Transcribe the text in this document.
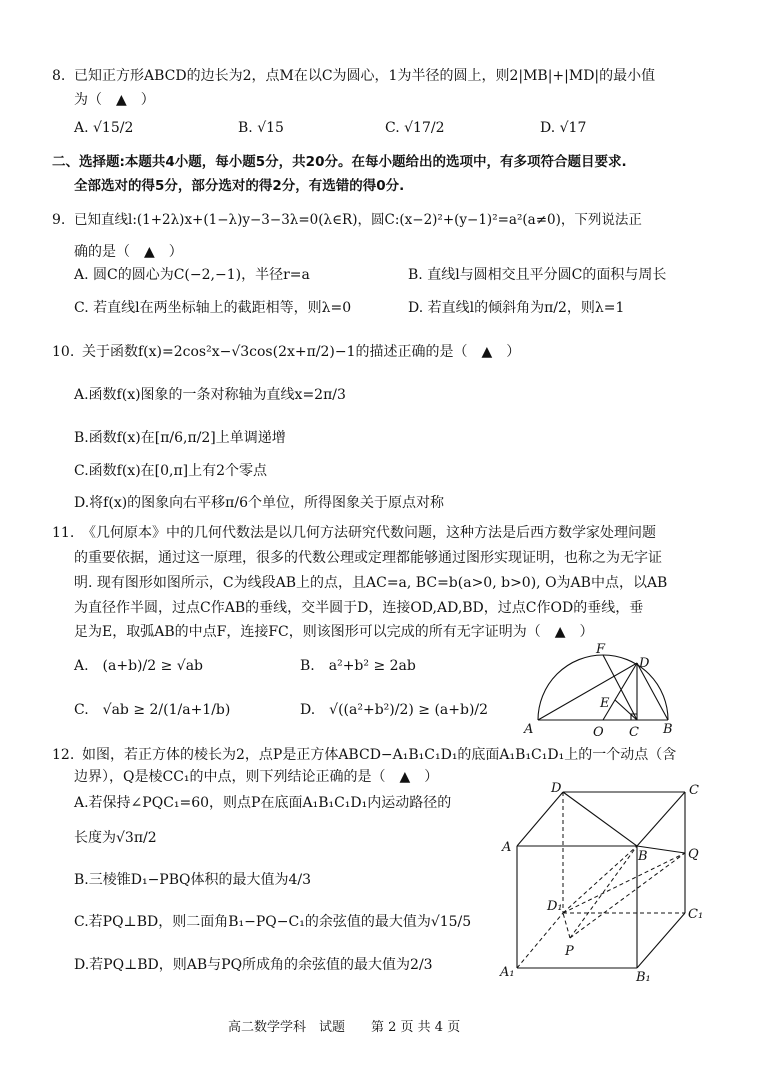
8. 已知正方形ABCD的边长为2，点M在以C为圆心，1为半径的圆上，则2|MB|+|MD|的最小值
为（　▲　）
A. √15/2	B. √15	C. √17/2	D. √17
二、选择题:本题共4小题，每小题5分，共20分。在每小题给出的选项中，有多项符合题目要求.
全部选对的得5分，部分选对的得2分，有选错的得0分.
9. 已知直线l:(1+2λ)x+(1−λ)y−3−3λ=0(λ∈R)，圆C:(x−2)²+(y−1)²=a²(a≠0)，下列说法正
确的是（　▲　）
A. 圆C的圆心为C(−2,−1)，半径r=a	B. 直线l与圆相交且平分圆C的面积与周长
C. 若直线l在两坐标轴上的截距相等，则λ=0	D. 若直线l的倾斜角为π/2，则λ=1
10. 关于函数f(x)=2cos²x−√3cos(2x+π/2)−1的描述正确的是（　▲　）
A.函数f(x)图象的一条对称轴为直线x=2π/3
B.函数f(x)在[π/6,π/2]上单调递增
C.函数f(x)在[0,π]上有2个零点
D.将f(x)的图象向右平移π/6个单位，所得图象关于原点对称
11. 《几何原本》中的几何代数法是以几何方法研究代数问题，这种方法是后西方数学家处理问题
的重要依据，通过这一原理，很多的代数公理或定理都能够通过图形实现证明，也称之为无字证
明. 现有图形如图所示，C为线段AB上的点，且AC=a, BC=b(a>0, b>0), O为AB中点，以AB
为直径作半圆，过点C作AB的垂线，交半圆于D，连接OD,AD,BD，过点C作OD的垂线，垂
足为E，取弧AB的中点F，连接FC，则该图形可以完成的所有无字证明为（　▲　）
A.　(a+b)/2 ≥ √ab	B.　a²+b² ≥ 2ab
C.　√ab ≥ 2/(1/a+1/b)	D.　√((a²+b²)/2) ≥ (a+b)/2
F
D
E
A	O C B
12. 如图，若正方体的棱长为2，点P是正方体ABCD−A₁B₁C₁D₁的底面A₁B₁C₁D₁上的一个动点（含
边界），Q是棱CC₁的中点，则下列结论正确的是（　▲　）
A.若保持∠PQC₁=60，则点P在底面A₁B₁C₁D₁内运动路径的
长度为√3π/2
B.三棱锥D₁−PBQ体积的最大值为4/3
C.若PQ⊥BD，则二面角B₁−PQ−C₁的余弦值的最大值为√15/5
D.若PQ⊥BD，则AB与PQ所成角的余弦值的最大值为2/3
D	C
A
B	Q
D₁
C₁
P
A₁	B₁
高二数学学科　试题　　第 2 页 共 4 页
